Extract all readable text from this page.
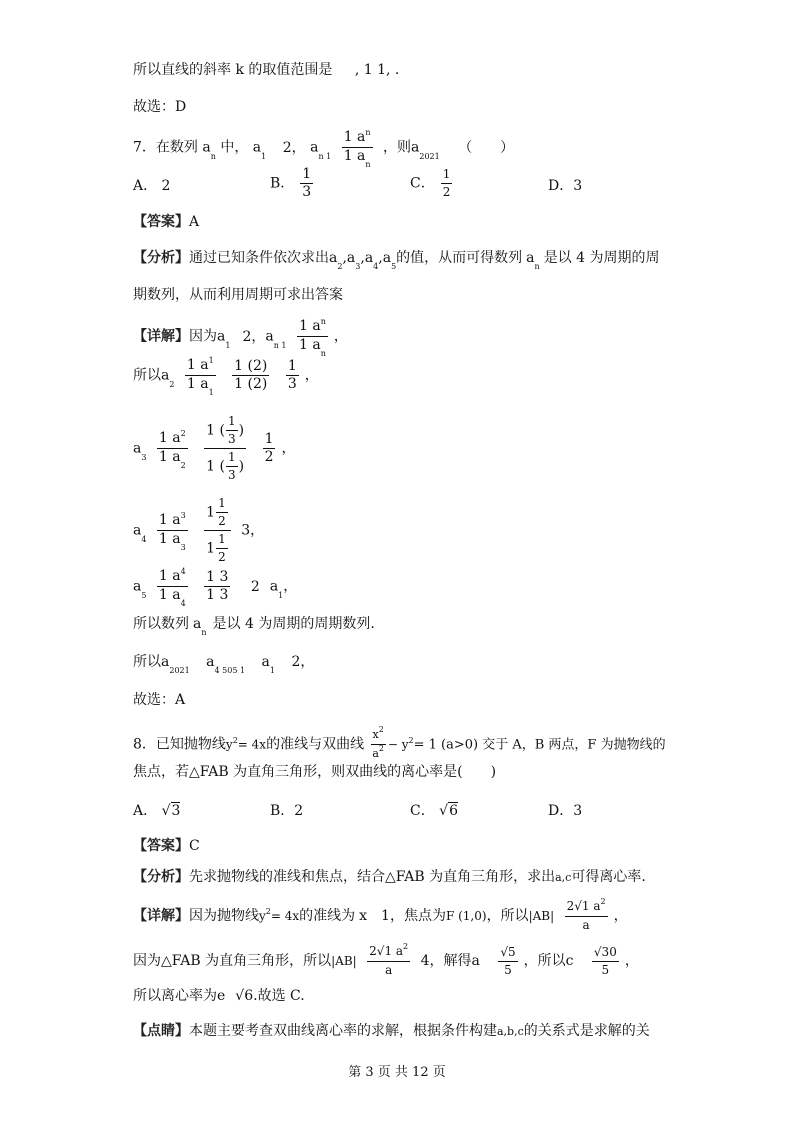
所以直线的斜率 k 的取值范围是 , 1 1, .
故选：D
7．在数列 $a_n$ 中， $a_1$ 2， $a_{n 1} \frac{1 a^n}{1 a_n}$ ，则$a_{2021}$ （　　）
A． 2	B． $\frac{1}{3}$	C． $\frac{1}{2}$	D．3
【答案】A
【分析】通过已知条件依次求出$a_2,a_3,a_4,a_5$的值，从而可得数列 $a_n$是以 4 为周期的周
期数列，从而利用周期可求出答案
【详解】因为$a_12$，$a_{n 1} \frac{1 a^n}{1 a_n}$ ，
所以$a_2 \frac{1 a^1}{1 a_1}$
$\frac{1 (2)}{1 (2)}$
$\frac{1}{3}$ ，
$a_3 \frac{1 a^2}{1 a_2}$
$\frac{1 ( \frac{1}{3} )}{1 ( \frac{1}{3} )}$
$\frac{1}{2}$ ，
$a_4 \frac{1 a^3}{1 a_3}$
$\frac{1 \frac{1}{2}}{1 \frac{1}{2}} 3$，
$a_5 \frac{1 a^4}{1 a_4}$
$\frac{1 3}{1 3} 2$ $a_1$，
所以数列 $a_n$是以 4 为周期的周期数列.
所以$a_{2021}$ $a_{4 505 1}$ $a_1$ 2，
故选：A
8．已知抛物线$y^2= 4x$的准线与双曲线 $\frac{x^2}{a^2} - y^2= 1$ (a>0) 交于 A，B 两点，F 为抛物线的
焦点，若△FAB 为直角三角形，则双曲线的离心率是(　　)
A． √3	B．2	C． √6	D．3
【答案】C
【分析】先求抛物线的准线和焦点，结合△FAB 为直角三角形，求出a,c可得离心率.
【详解】因为抛物线$y^2= 4x$的准线为 x　1，焦点为F (1,0)，所以$|AB| \frac{2√1 a^2}{a}$ ，
因为△FAB 为直角三角形，所以$|AB| \frac{2√1 a^2}{a} 4$，解得a $\frac{√5}{5}$ ，所以c $\frac{√30}{5}$ ，
所以离心率为e √6.故选 C.
【点睛】本题主要考查双曲线离心率的求解，根据条件构建a,b,c的关系式是求解的关
第 3 页 共 12 页
